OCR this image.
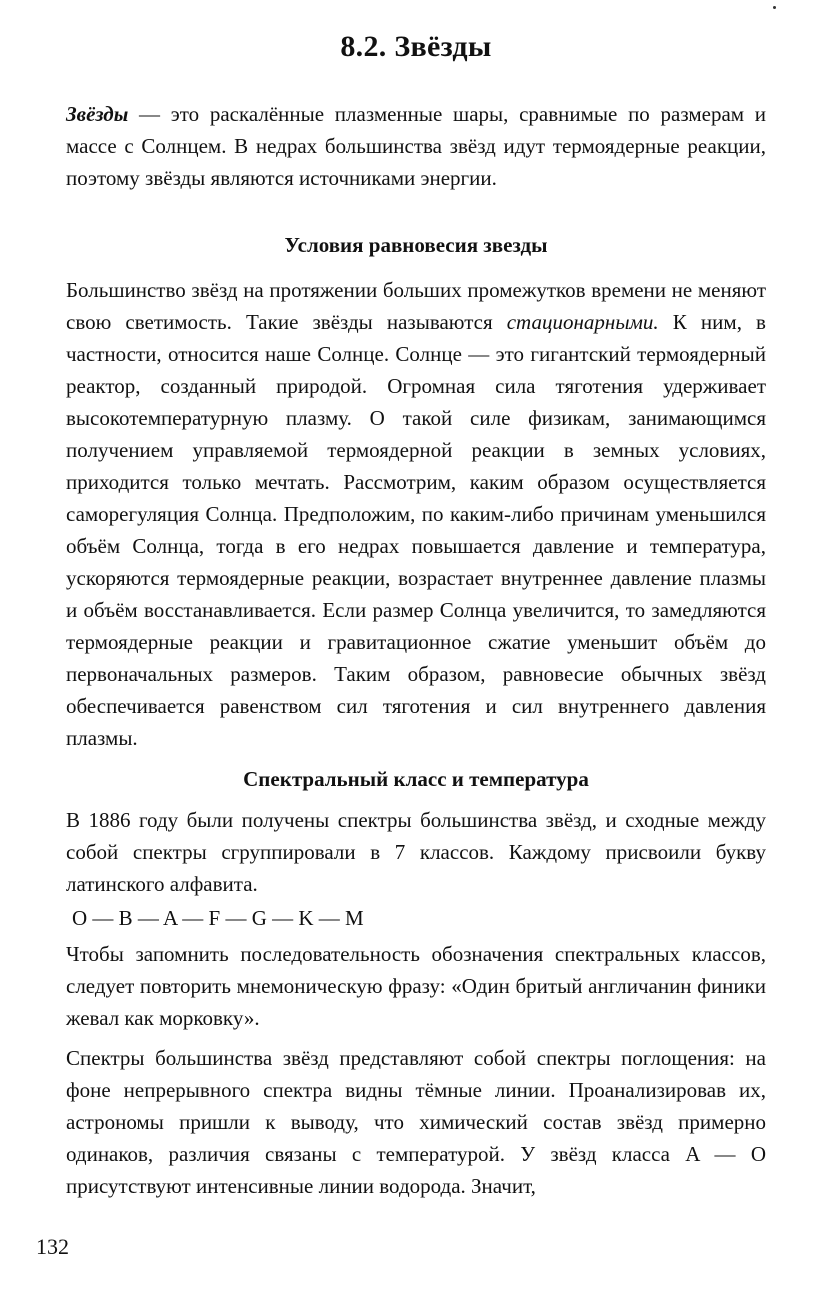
8.2. Звёзды

Звёзды — это раскалённые плазменные шары, сравнимые по размерам и массе с Солнцем. В недрах большинства звёзд идут термоядерные реакции, поэтому звёзды являются источниками энергии.

Условия равновесия звезды

Большинство звёзд на протяжении больших промежутков времени не меняют свою светимость. Такие звёзды называются стационарными. К ним, в частности, относится наше Солнце. Солнце — это гигантский термоядерный реактор, созданный природой. Огромная сила тяготения удерживает высокотемпературную плазму. О такой силе физикам, занимающимся получением управляемой термоядерной реакции в земных условиях, приходится только мечтать. Рассмотрим, каким образом осуществляется саморегуляция Солнца. Предположим, по каким-либо причинам уменьшился объём Солнца, тогда в его недрах повышается давление и температура, ускоряются термоядерные реакции, возрастает внутреннее давление плазмы и объём восстанавливается. Если размер Солнца увеличится, то замедляются термоядерные реакции и гравитационное сжатие уменьшит объём до первоначальных размеров. Таким образом, равновесие обычных звёзд обеспечивается равенством сил тяготения и сил внутреннего давления плазмы.

Спектральный класс и температура

В 1886 году были получены спектры большинства звёзд, и сходные между собой спектры сгруппировали в 7 классов. Каждому присвоили букву латинского алфавита.

O — B — A — F — G — K — M

Чтобы запомнить последовательность обозначения спектральных классов, следует повторить мнемоническую фразу: «Один бритый англичанин финики жевал как морковку».

Спектры большинства звёзд представляют собой спектры поглощения: на фоне непрерывного спектра видны тёмные линии. Проанализировав их, астрономы пришли к выводу, что химический состав звёзд примерно одинаков, различия связаны с температурой. У звёзд класса A — O присутствуют интенсивные линии водорода. Значит,

132
